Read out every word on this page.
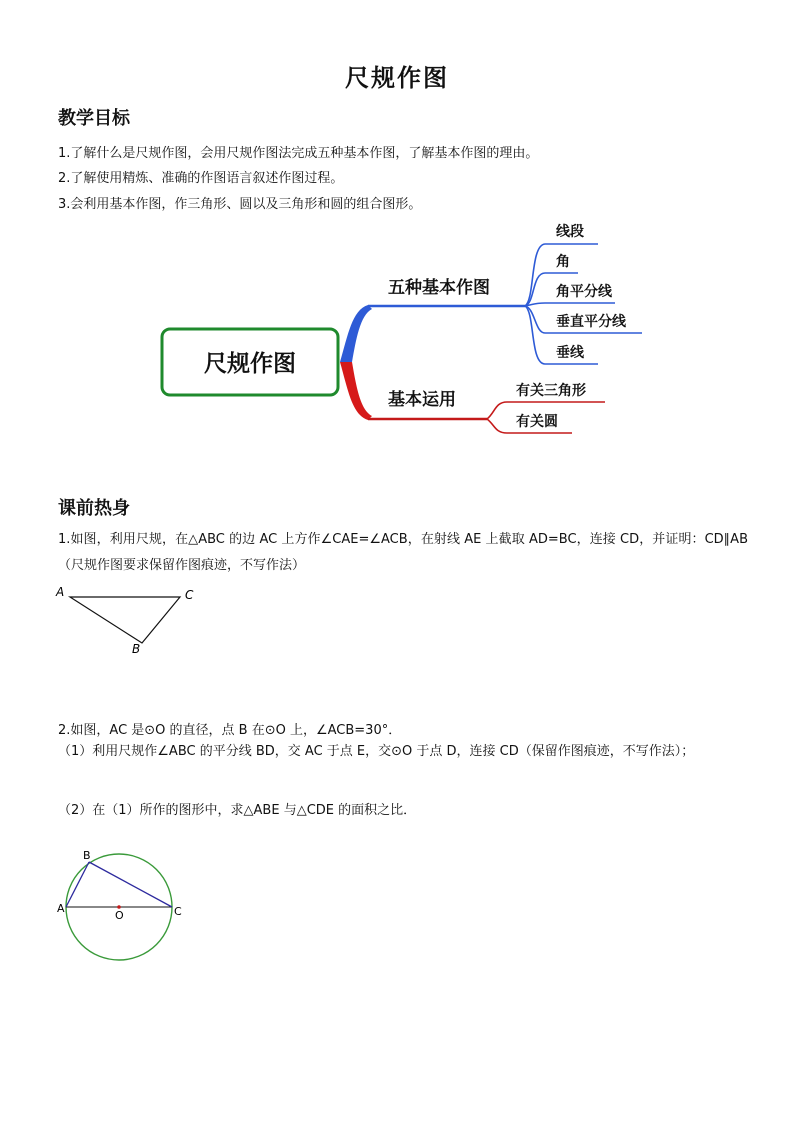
尺规作图
教学目标
1.了解什么是尺规作图，会用尺规作图法完成五种基本作图，了解基本作图的理由。
2.了解使用精炼、准确的作图语言叙述作图过程。
3.会利用基本作图，作三角形、圆以及三角形和圆的组合图形。
尺规作图
五种基本作图
线段
角
角平分线
垂直平分线
垂线
基本运用	有关三角形
有关圆
课前热身
1.如图，利用尺规，在△ABC 的边 AC 上方作∠CAE=∠ACB，在射线 AE 上截取 AD=BC，连接 CD，并证明：CD∥AB（尺规作图要求保留作图痕迹，不写作法）
A	C
B
2.如图，AC 是⊙O 的直径，点 B 在⊙O 上，∠ACB=30°．
（1）利用尺规作∠ABC 的平分线 BD，交 AC 于点 E，交⊙O 于点 D，连接 CD（保留作图痕迹，不写作法）；
（2）在（1）所作的图形中，求△ABE 与△CDE 的面积之比．
B
A	C
O
